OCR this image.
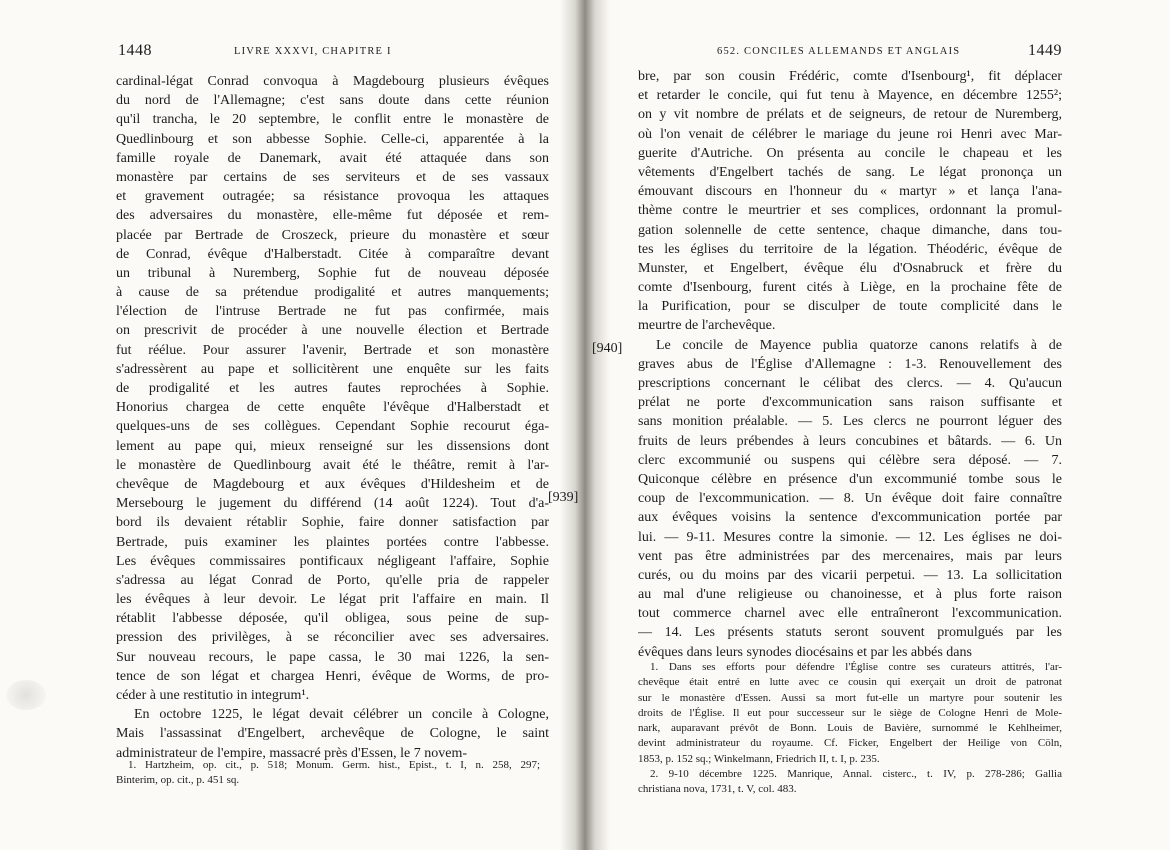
1448	LIVRE XXXVI, CHAPITRE I
cardinal-légat Conrad convoqua à Magdebourg plusieurs évêques
du nord de l'Allemagne; c'est sans doute dans cette réunion
qu'il trancha, le 20 septembre, le conflit entre le monastère de
Quedlinbourg et son abbesse Sophie. Celle-ci, apparentée à la
famille royale de Danemark, avait été attaquée dans son
monastère par certains de ses serviteurs et de ses vassaux
et gravement outragée; sa résistance provoqua les attaques
des adversaires du monastère, elle-même fut déposée et rem-
placée par Bertrade de Croszeck, prieure du monastère et sœur
de Conrad, évêque d'Halberstadt. Citée à comparaître devant
un tribunal à Nuremberg, Sophie fut de nouveau déposée
à cause de sa prétendue prodigalité et autres manquements;
l'élection de l'intruse Bertrade ne fut pas confirmée, mais
on prescrivit de procéder à une nouvelle élection et Bertrade
fut réélue. Pour assurer l'avenir, Bertrade et son monastère
s'adressèrent au pape et sollicitèrent une enquête sur les faits
de prodigalité et les autres fautes reprochées à Sophie.
Honorius chargea de cette enquête l'évêque d'Halberstadt et
quelques-uns de ses collègues. Cependant Sophie recourut éga-
lement au pape qui, mieux renseigné sur les dissensions dont
le monastère de Quedlinbourg avait été le théâtre, remit à l'ar-
chevêque de Magdebourg et aux évêques d'Hildesheim et de
Mersebourg le jugement du différend (14 août 1224). Tout d'a-
bord ils devaient rétablir Sophie, faire donner satisfaction par
Bertrade, puis examiner les plaintes portées contre l'abbesse.
Les évêques commissaires pontificaux négligeant l'affaire, Sophie
s'adressa au légat Conrad de Porto, qu'elle pria de rappeler
les évêques à leur devoir. Le légat prit l'affaire en main. Il
rétablit l'abbesse déposée, qu'il obligea, sous peine de sup-
pression des privilèges, à se réconcilier avec ses adversaires.
Sur nouveau recours, le pape cassa, le 30 mai 1226, la sen-
tence de son légat et chargea Henri, évêque de Worms, de pro-
céder à une restitutio in integrum¹.
En octobre 1225, le légat devait célébrer un concile à Cologne,
Mais l'assassinat d'Engelbert, archevêque de Cologne, le saint
administrateur de l'empire, massacré près d'Essen, le 7 novem-
1. Hartzheim, op. cit., p. 518; Monum. Germ. hist., Epist., t. I, n. 258, 297;
Binterim, op. cit., p. 451 sq.
652. CONCILES ALLEMANDS ET ANGLAIS	1449
bre, par son cousin Frédéric, comte d'Isenbourg¹, fit déplacer
et retarder le concile, qui fut tenu à Mayence, en décembre 1255²;
on y vit nombre de prélats et de seigneurs, de retour de Nuremberg,
où l'on venait de célébrer le mariage du jeune roi Henri avec Mar-
guerite d'Autriche. On présenta au concile le chapeau et les
vêtements d'Engelbert tachés de sang. Le légat prononça un
émouvant discours en l'honneur du « martyr » et lança l'ana-
thème contre le meurtrier et ses complices, ordonnant la promul-
gation solennelle de cette sentence, chaque dimanche, dans tou-
tes les églises du territoire de la légation. Théodéric, évêque de
Munster, et Engelbert, évêque élu d'Osnabruck et frère du
comte d'Isenbourg, furent cités à Liège, en la prochaine fête de
la Purification, pour se disculper de toute complicité dans le
meurtre de l'archevêque.
Le concile de Mayence publia quatorze canons relatifs à de
graves abus de l'Église d'Allemagne : 1-3. Renouvellement des
prescriptions concernant le célibat des clercs. — 4. Qu'aucun
prélat ne porte d'excommunication sans raison suffisante et
sans monition préalable. — 5. Les clercs ne pourront léguer des
fruits de leurs prébendes à leurs concubines et bâtards. — 6. Un
clerc excommunié ou suspens qui célèbre sera déposé. — 7.
Quiconque célèbre en présence d'un excommunié tombe sous le
coup de l'excommunication. — 8. Un évêque doit faire connaître
aux évêques voisins la sentence d'excommunication portée par
lui. — 9-11. Mesures contre la simonie. — 12. Les églises ne doi-
vent pas être administrées par des mercenaires, mais par leurs
curés, ou du moins par des vicarii perpetui. — 13. La sollicitation
au mal d'une religieuse ou chanoinesse, et à plus forte raison
tout commerce charnel avec elle entraîneront l'excommunication.
— 14. Les présents statuts seront souvent promulgués par les
évêques dans leurs synodes diocésains et par les abbés dans
1. Dans ses efforts pour défendre l'Église contre ses curateurs attitrés, l'ar-
chevêque était entré en lutte avec ce cousin qui exerçait un droit de patronat
sur le monastère d'Essen. Aussi sa mort fut-elle un martyre pour soutenir les
droits de l'Église. Il eut pour successeur sur le siège de Cologne Henri de Mole-
nark, auparavant prévôt de Bonn. Louis de Bavière, surnommé le Kehlheimer,
devint administrateur du royaume. Cf. Ficker, Engelbert der Heilige von Cöln,
1853, p. 152 sq.; Winkelmann, Friedrich II, t. I, p. 235.
2. 9-10 décembre 1225. Manrique, Annal. cisterc., t. IV, p. 278-286; Gallia
christiana nova, 1731, t. V, col. 483.
[939]
[940]
